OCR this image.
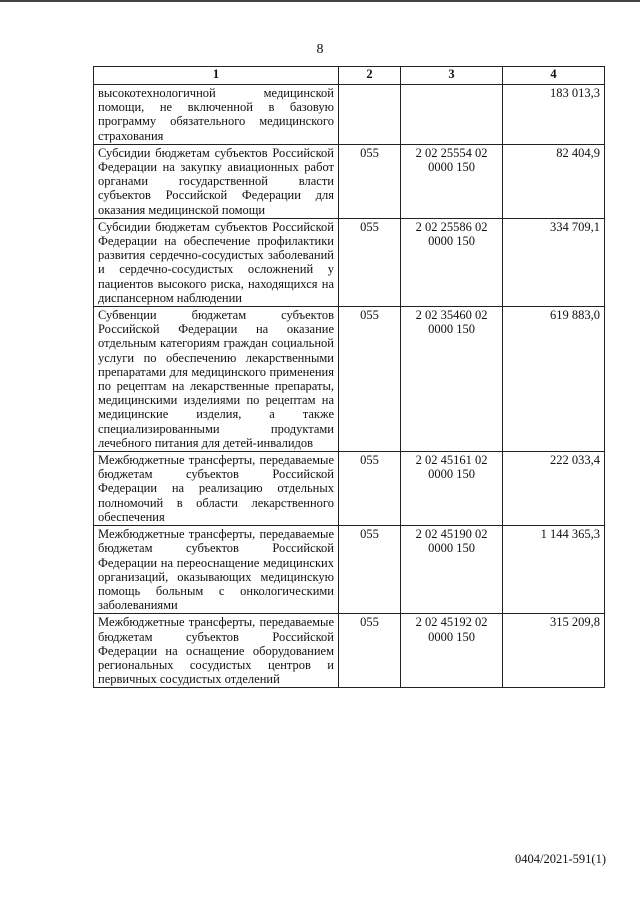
8
1	2	3	4
высокотехнологичной медицинской помощи, не включенной в базовую программу обязательного медицинского страхования			183 013,3
Субсидии бюджетам субъектов Российской Федерации на закупку авиационных работ органами государственной власти субъектов Российской Федерации для оказания медицинской помощи	055	2 02 25554 02 0000 150	82 404,9
Субсидии бюджетам субъектов Российской Федерации на обеспечение профилактики развития сердечно-сосудистых заболеваний и сердечно-сосудистых осложнений у пациентов высокого риска, находящихся на диспансерном наблюдении	055	2 02 25586 02 0000 150	334 709,1
Субвенции бюджетам субъектов Российской Федерации на оказание отдельным категориям граждан социальной услуги по обеспечению лекарственными препаратами для медицинского применения по рецептам на лекарственные препараты, медицинскими изделиями по рецептам на медицинские изделия, а также специализированными продуктами лечебного питания для детей-инвалидов	055	2 02 35460 02 0000 150	619 883,0
Межбюджетные трансферты, передаваемые бюджетам субъектов Российской Федерации на реализацию отдельных полномочий в области лекарственного обеспечения	055	2 02 45161 02 0000 150	222 033,4
Межбюджетные трансферты, передаваемые бюджетам субъектов Российской Федерации на переоснащение медицинских организаций, оказывающих медицинскую помощь больным с онкологическими заболеваниями	055	2 02 45190 02 0000 150	1 144 365,3
Межбюджетные трансферты, передаваемые бюджетам субъектов Российской Федерации на оснащение оборудованием региональных сосудистых центров и первичных сосудистых отделений	055	2 02 45192 02 0000 150	315 209,8
0404/2021-591(1)
